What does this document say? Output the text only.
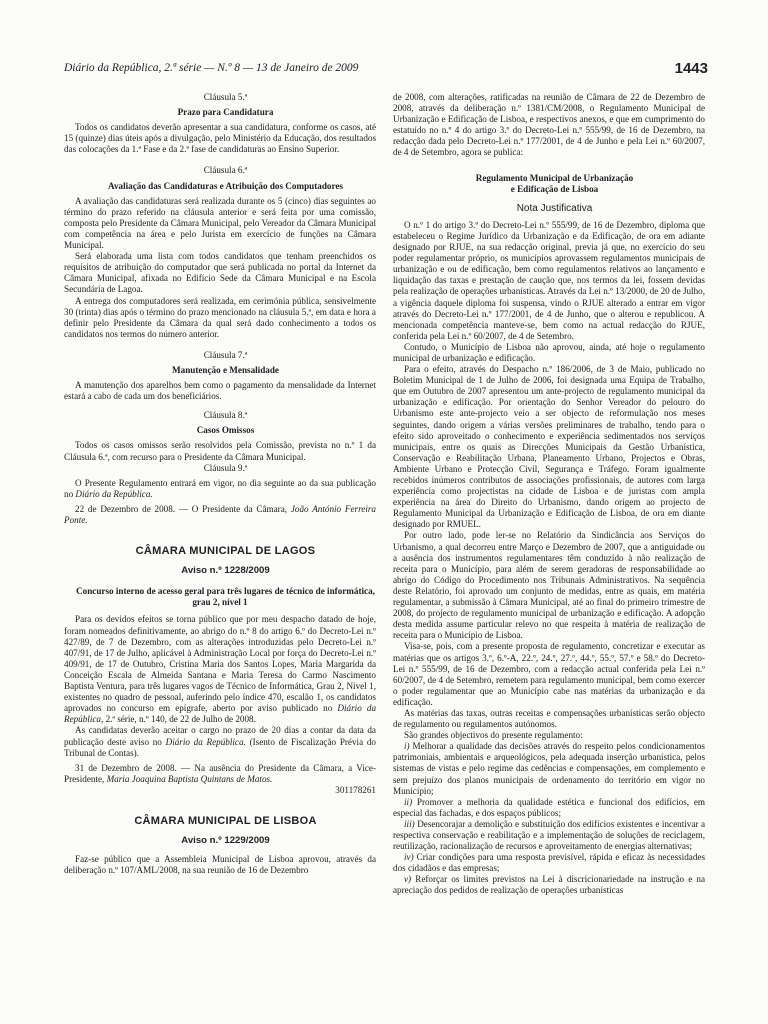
Diário da República, 2.ª série — N.º 8 — 13 de Janeiro de 2009	1443

Cláusula 5.ª

Prazo para Candidatura

Todos os candidatos deverão apresentar a sua candidatura, conforme os casos, até 15 (quinze) dias úteis após a divulgação, pelo Ministério da Educação, dos resultados das colocações da 1.ª Fase e da 2.ª fase de candidaturas ao Ensino Superior.

Cláusula 6.ª

Avaliação das Candidaturas e Atribuição dos Computadores

A avaliação das candidaturas será realizada durante os 5 (cinco) dias seguintes ao término do prazo referido na cláusula anterior e será feita por uma comissão, composta pelo Presidente da Câmara Municipal, pelo Vereador da Câmara Municipal com competência na área e pelo Jurista em exercício de funções na Câmara Municipal.

Será elaborada uma lista com todos candidatos que tenham preenchidos os requisitos de atribuição do computador que será publicada no portal da Internet da Câmara Municipal, afixada no Edifício Sede da Câmara Municipal e na Escola Secundária de Lagoa.

A entrega dos computadores será realizada, em cerimónia pública, sensivelmente 30 (trinta) dias após o término do prazo mencionado na cláusula 5.ª, em data e hora a definir pelo Presidente da Câmara da qual será dado conhecimento a todos os candidatos nos termos do número anterior.

Cláusula 7.ª

Manutenção e Mensalidade

A manutenção dos aparelhos bem como o pagamento da mensalidade da Internet estará a cabo de cada um dos beneficiários.

Cláusula 8.ª

Casos Omissos

Todos os casos omissos serão resolvidos pela Comissão, prevista no n.º 1 da Cláusula 6.ª, com recurso para o Presidente da Câmara Municipal.

Cláusula 9.ª

O Presente Regulamento entrará em vigor, no dia seguinte ao da sua publicação no Diário da República.

22 de Dezembro de 2008. — O Presidente da Câmara, João António Ferreira Ponte.

CÂMARA MUNICIPAL DE LAGOS

Aviso n.º 1228/2009

Concurso interno de acesso geral para três lugares de técnico de informática, grau 2, nível 1

Para os devidos efeitos se torna público que por meu despacho datado de hoje, foram nomeados definitivamente, ao abrigo do n.º 8 do artigo 6.º do Decreto-Lei n.º 427/89, de 7 de Dezembro, com as alterações introduzidas pelo Decreto-Lei n.º 407/91, de 17 de Julho, aplicável à Administração Local por força do Decreto-Lei n.º 409/91, de 17 de Outubro, Cristina Maria dos Santos Lopes, Maria Margarida da Conceição Escala de Almeida Santana e Maria Teresa do Carmo Nascimento Baptista Ventura, para três lugares vagos de Técnico de Informática, Grau 2, Nível 1, existentes no quadro de pessoal, auferindo pelo índice 470, escalão 1, os candidatos aprovados no concurso em epígrafe, aberto por aviso publicado no Diário da República, 2.ª série, n.º 140, de 22 de Julho de 2008.

As candidatas deverão aceitar o cargo no prazo de 20 dias a contar da data da publicação deste aviso no Diário da República. (Isento de Fiscalização Prévia do Tribunal de Contas).

31 de Dezembro de 2008. — Na ausência do Presidente da Câmara, a Vice-Presidente, Maria Joaquina Baptista Quintans de Matos.

301178261

CÂMARA MUNICIPAL DE LISBOA

Aviso n.º 1229/2009

Faz-se público que a Assembleia Municipal de Lisboa aprovou, através da deliberação n.º 107/AML/2008, na sua reunião de 16 de Dezembro

de 2008, com alterações, ratificadas na reunião de Câmara de 22 de Dezembro de 2008, através da deliberação n.º 1381/CM/2008, o Regulamento Municipal de Urbanização e Edificação de Lisboa, e respectivos anexos, e que em cumprimento do estatuído no n.º 4 do artigo 3.º do Decreto-Lei n.º 555/99, de 16 de Dezembro, na redacção dada pelo Decreto-Lei n.º 177/2001, de 4 de Junho e pela Lei n.º 60/2007, de 4 de Setembro, agora se publica:

Regulamento Municipal de Urbanização

e Edificação de Lisboa

Nota Justificativa

O n.º 1 do artigo 3.º do Decreto-Lei n.º 555/99, de 16 de Dezembro, diploma que estabeleceu o Regime Jurídico da Urbanização e da Edificação, de ora em adiante designado por RJUE, na sua redacção original, previa já que, no exercício do seu poder regulamentar próprio, os municípios aprovassem regulamentos municipais de urbanização e ou de edificação, bem como regulamentos relativos ao lançamento e liquidação das taxas e prestação de caução que, nos termos da lei, fossem devidas pela realização de operações urbanísticas. Através da Lei n.º 13/2000, de 20 de Julho, a vigência daquele diploma foi suspensa, vindo o RJUE alterado a entrar em vigor através do Decreto-Lei n.º 177/2001, de 4 de Junho, que o alterou e republicou. A mencionada competência manteve-se, bem como na actual redacção do RJUE, conferida pela Lei n.º 60/2007, de 4 de Setembro.

Contudo, o Município de Lisboa não aprovou, ainda, até hoje o regulamento municipal de urbanização e edificação.

Para o efeito, através do Despacho n.º 186/2006, de 3 de Maio, publicado no Boletim Municipal de 1 de Julho de 2006, foi designada uma Equipa de Trabalho, que em Outubro de 2007 apresentou um ante-projecto de regulamento municipal da urbanização e edificação. Por orientação do Senhor Vereador do pelouro do Urbanismo este ante-projecto veio a ser objecto de reformulação nos meses seguintes, dando origem a várias versões preliminares de trabalho, tendo para o efeito sido aproveitado o conhecimento e experiência sedimentados nos serviços municipais, entre os quais as Direcções Municipais da Gestão Urbanística, Conservação e Reabilitação Urbana, Planeamento Urbano, Projectos e Obras, Ambiente Urbano e Protecção Civil, Segurança e Tráfego. Foram igualmente recebidos inúmeros contributos de associações profissionais, de autores com larga experiência como projectistas na cidade de Lisboa e de juristas com ampla experiência na área do Direito do Urbanismo, dando origem ao projecto de Regulamento Municipal da Urbanização e Edificação de Lisboa, de ora em diante designado por RMUEL.

Por outro lado, pode ler-se no Relatório da Sindicância aos Serviços do Urbanismo, a qual decorreu entre Março e Dezembro de 2007, que a antiguidade ou a ausência dos instrumentos regulamentares têm conduzido à não realização de receita para o Município, para além de serem geradoras de responsabilidade ao abrigo do Código do Procedimento nos Tribunais Administrativos. Na sequência deste Relatório, foi aprovado um conjunto de medidas, entre as quais, em matéria regulamentar, a submissão à Câmara Municipal, até ao final do primeiro trimestre de 2008, do projecto de regulamento municipal de urbanização e edificação. A adopção desta medida assume particular relevo no que respeita à matéria de realização de receita para o Município de Lisboa.

Visa-se, pois, com a presente proposta de regulamento, concretizar e executar as matérias que os artigos 3.º, 6.º-A, 22.º, 24.º, 27.º, 44.º, 55.º, 57.º e 58.º do Decreto-Lei n.º 555/99, de 16 de Dezembro, com a redacção actual conferida pela Lei n.º 60/2007, de 4 de Setembro, remetem para regulamento municipal, bem como exercer o poder regulamentar que ao Município cabe nas matérias da urbanização e da edificação.

As matérias das taxas, outras receitas e compensações urbanísticas serão objecto de regulamento ou regulamentos autónomos.

São grandes objectivos do presente regulamento:

i) Melhorar a qualidade das decisões através do respeito pelos condicionamentos patrimoniais, ambientais e arqueológicos, pela adequada inserção urbanística, pelos sistemas de vistas e pelo regime das cedências e compensações, em complemento e sem prejuízo dos planos municipais de ordenamento do território em vigor no Município;

ii) Promover a melhoria da qualidade estética e funcional dos edifícios, em especial das fachadas, e dos espaços públicos;

iii) Desencorajar a demolição e substituição dos edifícios existentes e incentivar a respectiva conservação e reabilitação e a implementação de soluções de reciclagem, reutilização, racionalização de recursos e aproveitamento de energias alternativas;

iv) Criar condições para uma resposta previsível, rápida e eficaz às necessidades dos cidadãos e das empresas;

v) Reforçar os limites previstos na Lei à discricionariedade na instrução e na apreciação dos pedidos de realização de operações urbanísticas
